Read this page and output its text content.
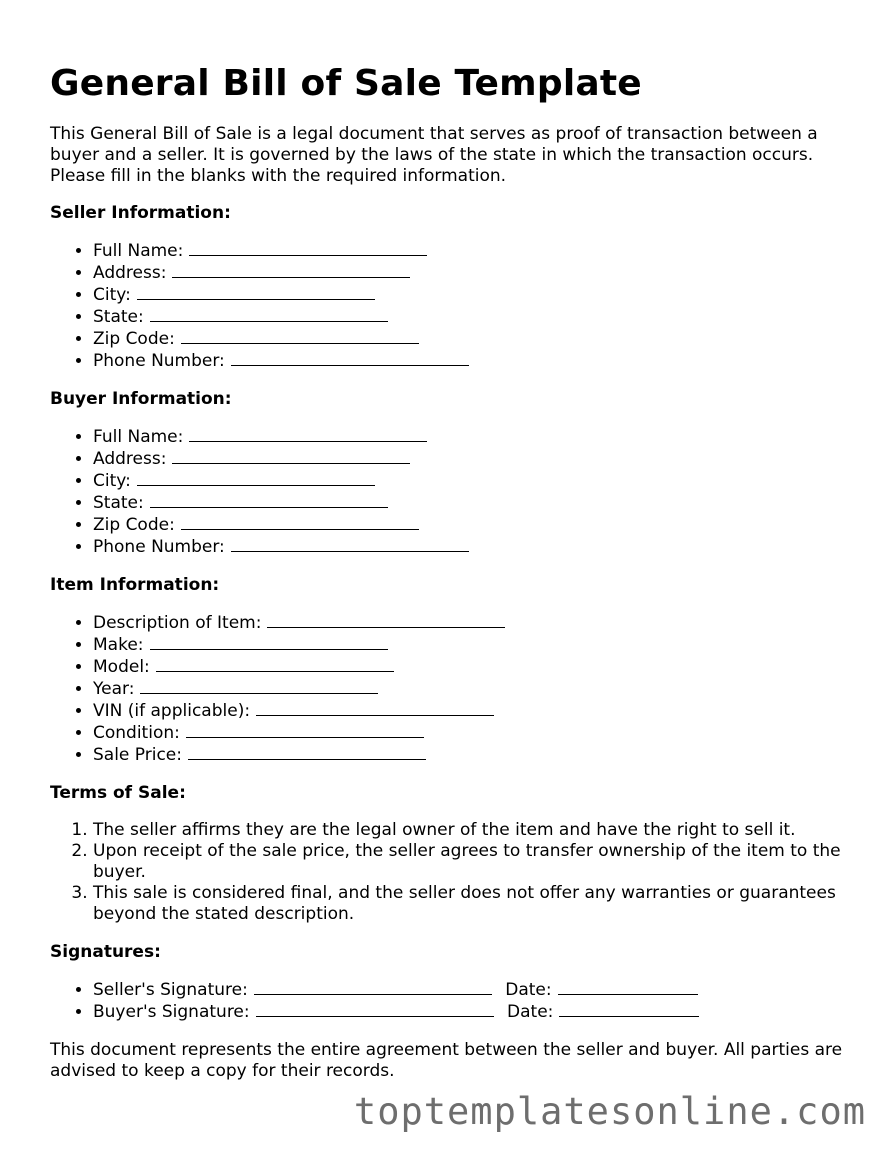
General Bill of Sale Template

This General Bill of Sale is a legal document that serves as proof of transaction between a buyer and a seller. It is governed by the laws of the state in which the transaction occurs. Please fill in the blanks with the required information.

Seller Information:
• Full Name:
• Address:
• City:
• State:
• Zip Code:
• Phone Number:
Buyer Information:
• Full Name:
• Address:
• City:
• State:
• Zip Code:
• Phone Number:
Item Information:
• Description of Item:
• Make:
• Model:
• Year:
• VIN (if applicable):
• Condition:
• Sale Price:
Terms of Sale:
1. The seller affirms they are the legal owner of the item and have the right to sell it.
2. Upon receipt of the sale price, the seller agrees to transfer ownership of the item to the buyer.
3. This sale is considered final, and the seller does not offer any warranties or guarantees beyond the stated description.
Signatures:
• Seller's Signature:	Date:
• Buyer's Signature:	Date:

This document represents the entire agreement between the seller and buyer. All parties are advised to keep a copy for their records.

toptemplatesonline.com
